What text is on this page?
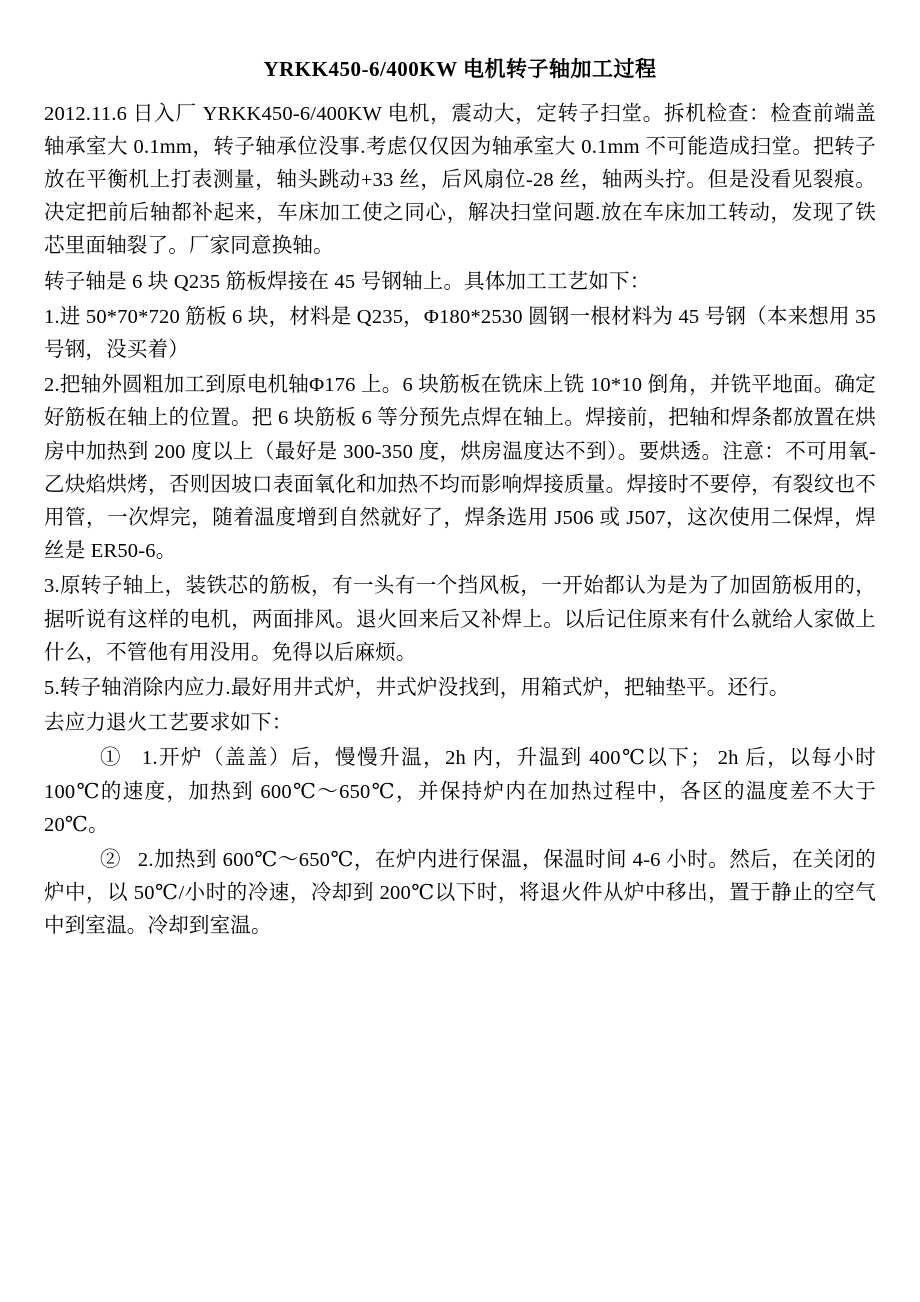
YRKK450-6/400KW 电机转子轴加工过程

2012.11.6 日入厂 YRKK450-6/400KW 电机，震动大，定转子扫堂。拆机检查：检查前端盖轴承室大 0.1mm，转子轴承位没事.考虑仅仅因为轴承室大 0.1mm 不可能造成扫堂。把转子放在平衡机上打表测量，轴头跳动+33 丝，后风扇位-28 丝，轴两头拧。但是没看见裂痕。决定把前后轴都补起来，车床加工使之同心，解决扫堂问题.放在车床加工转动，发现了铁芯里面轴裂了。厂家同意换轴。

转子轴是 6 块 Q235 筋板焊接在 45 号钢轴上。具体加工工艺如下：

1.进 50*70*720 筋板 6 块，材料是 Q235，Φ180*2530 圆钢一根材料为 45 号钢（本来想用 35 号钢，没买着）

2.把轴外圆粗加工到原电机轴Φ176 上。6 块筋板在铣床上铣 10*10 倒角，并铣平地面。确定好筋板在轴上的位置。把 6 块筋板 6 等分预先点焊在轴上。焊接前，把轴和焊条都放置在烘房中加热到 200 度以上（最好是 300-350 度，烘房温度达不到）。要烘透。注意：不可用氧-乙炔焰烘烤，否则因坡口表面氧化和加热不均而影响焊接质量。焊接时不要停，有裂纹也不用管，一次焊完，随着温度增到自然就好了，焊条选用 J506 或 J507，这次使用二保焊，焊丝是 ER50-6。

3.原转子轴上，装铁芯的筋板，有一头有一个挡风板，一开始都认为是为了加固筋板用的，据听说有这样的电机，两面排风。退火回来后又补焊上。以后记住原来有什么就给人家做上什么，不管他有用没用。免得以后麻烦。

5.转子轴消除内应力.最好用井式炉，井式炉没找到，用箱式炉，把轴垫平。还行。

去应力退火工艺要求如下：

① 1.开炉（盖盖）后，慢慢升温，2h 内，升温到 400℃以下； 2h 后，以每小时 100℃的速度，加热到 600℃～650℃，并保持炉内在加热过程中，各区的温度差不大于 20℃。

② 2.加热到 600℃～650℃，在炉内进行保温，保温时间 4-6 小时。然后，在关闭的炉中，以 50℃/小时的冷速，冷却到 200℃以下时，将退火件从炉中移出，置于静止的空气中到室温。冷却到室温。
